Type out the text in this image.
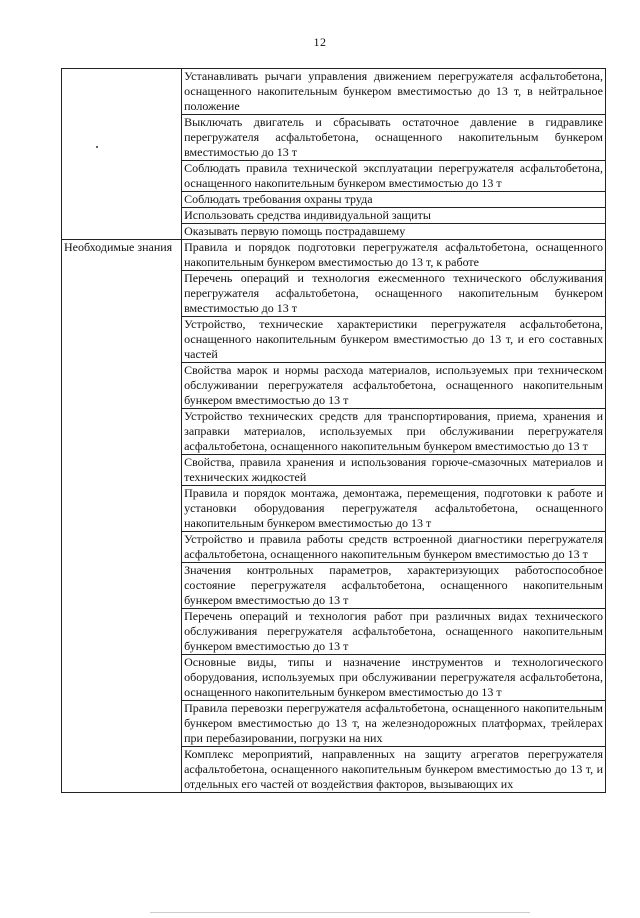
12
	Устанавливать рычаги управления движением перегружателя асфальтобетона, оснащенного накопительным бункером вместимостью до 13 т, в нейтральное положение
	Выключать двигатель и сбрасывать остаточное давление в гидравлике перегружателя асфальтобетона, оснащенного накопительным бункером вместимостью до 13 т
	Соблюдать правила технической эксплуатации перегружателя асфальтобетона, оснащенного накопительным бункером вместимостью до 13 т
	Соблюдать требования охраны труда
	Использовать средства индивидуальной защиты
	Оказывать первую помощь пострадавшему
Необходимые знания	Правила и порядок подготовки перегружателя асфальтобетона, оснащенного накопительным бункером вместимостью до 13 т, к работе
	Перечень операций и технология ежесменного технического обслуживания перегружателя асфальтобетона, оснащенного накопительным бункером вместимостью до 13 т
	Устройство, технические характеристики перегружателя асфальтобетона, оснащенного накопительным бункером вместимостью до 13 т, и его составных частей
	Свойства марок и нормы расхода материалов, используемых при техническом обслуживании перегружателя асфальтобетона, оснащенного накопительным бункером вместимостью до 13 т
	Устройство технических средств для транспортирования, приема, хранения и заправки материалов, используемых при обслуживании перегружателя асфальтобетона, оснащенного накопительным бункером вместимостью до 13 т
	Свойства, правила хранения и использования горюче-смазочных материалов и технических жидкостей
	Правила и порядок монтажа, демонтажа, перемещения, подготовки к работе и установки оборудования перегружателя асфальтобетона, оснащенного накопительным бункером вместимостью до 13 т
	Устройство и правила работы средств встроенной диагностики перегружателя асфальтобетона, оснащенного накопительным бункером вместимостью до 13 т
	Значения контрольных параметров, характеризующих работоспособное состояние перегружателя асфальтобетона, оснащенного накопительным бункером вместимостью до 13 т
	Перечень операций и технология работ при различных видах технического обслуживания перегружателя асфальтобетона, оснащенного накопительным бункером вместимостью до 13 т
	Основные виды, типы и назначение инструментов и технологического оборудования, используемых при обслуживании перегружателя асфальтобетона, оснащенного накопительным бункером вместимостью до 13 т
	Правила перевозки перегружателя асфальтобетона, оснащенного накопительным бункером вместимостью до 13 т, на железнодорожных платформах, трейлерах при перебазировании, погрузки на них
	Комплекс мероприятий, направленных на защиту агрегатов перегружателя асфальтобетона, оснащенного накопительным бункером вместимостью до 13 т, и отдельных его частей от воздействия факторов, вызывающих их
